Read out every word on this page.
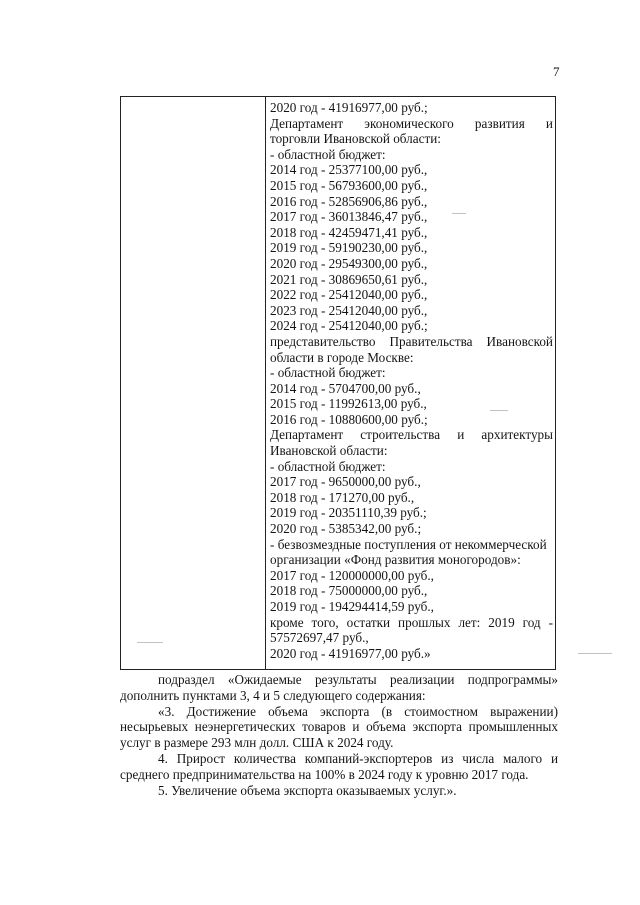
7
2020 год - 41916977,00 руб.;
Департамент экономического развития и
торговли Ивановской области:
- областной бюджет:
2014 год - 25377100,00 руб.,
2015 год - 56793600,00 руб.,
2016 год - 52856906,86 руб.,
2017 год - 36013846,47 руб.,
2018 год - 42459471,41 руб.,
2019 год - 59190230,00 руб.,
2020 год - 29549300,00 руб.,
2021 год - 30869650,61 руб.,
2022 год - 25412040,00 руб.,
2023 год - 25412040,00 руб.,
2024 год - 25412040,00 руб.;
представительство Правительства Ивановской
области в городе Москве:
- областной бюджет:
2014 год - 5704700,00 руб.,
2015 год - 11992613,00 руб.,
2016 год - 10880600,00 руб.;
Департамент строительства и архитектуры
Ивановской области:
- областной бюджет:
2017 год - 9650000,00 руб.,
2018 год - 171270,00 руб.,
2019 год - 20351110,39 руб.;
2020 год - 5385342,00 руб.;
- безвозмездные поступления от некоммерческой
организации «Фонд развития моногородов»:
2017 год - 120000000,00 руб.,
2018 год - 75000000,00 руб.,
2019 год - 194294414,59 руб.,
кроме того, остатки прошлых лет: 2019 год -
57572697,47 руб.,
2020 год - 41916977,00 руб.»
подраздел «Ожидаемые результаты реализации подпрограммы»
дополнить пунктами 3, 4 и 5 следующего содержания:
«3. Достижение объема экспорта (в стоимостном выражении)
несырьевых неэнергетических товаров и объема экспорта промышленных
услуг в размере 293 млн долл. США к 2024 году.
4. Прирост количества компаний-экспортеров из числа малого и
среднего предпринимательства на 100% в 2024 году к уровню 2017 года.
5. Увеличение объема экспорта оказываемых услуг.».
